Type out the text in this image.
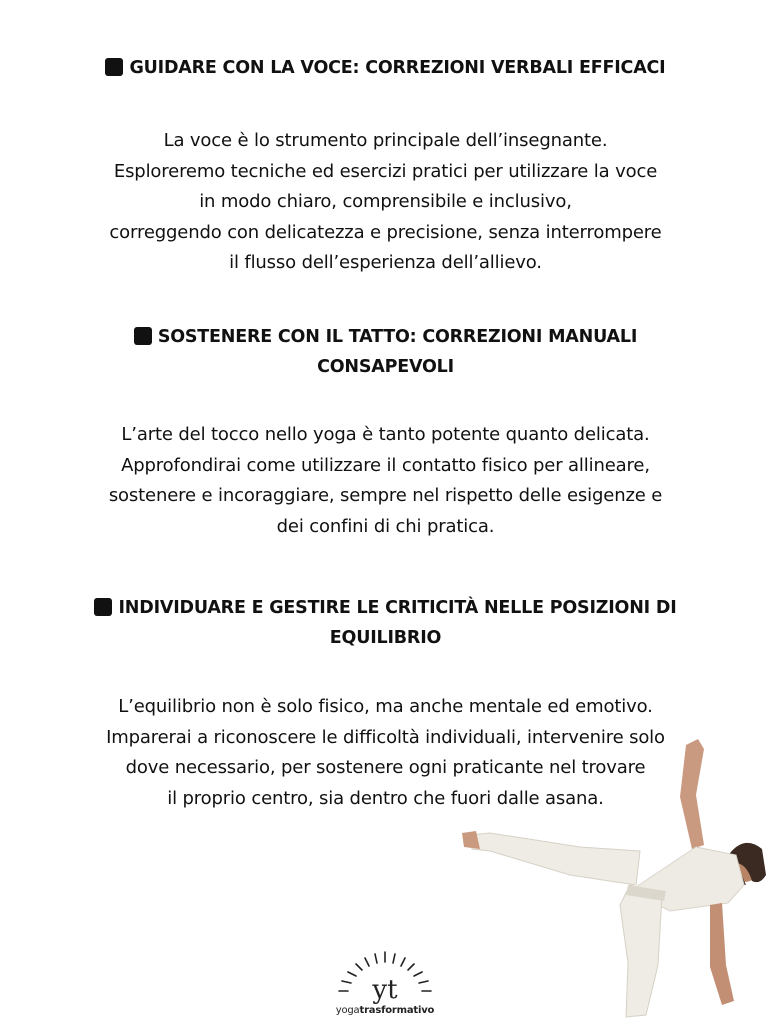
GUIDARE CON LA VOCE: CORREZIONI VERBALI EFFICACI
La voce è lo strumento principale dell’insegnante.
Esploreremo tecniche ed esercizi pratici per utilizzare la voce
in modo chiaro, comprensibile e inclusivo,
correggendo con delicatezza e precisione, senza interrompere
il flusso dell’esperienza dell’allievo.
SOSTENERE CON IL TATTO: CORREZIONI MANUALI
CONSAPEVOLI
L’arte del tocco nello yoga è tanto potente quanto delicata.
Approfondirai come utilizzare il contatto fisico per allineare,
sostenere e incoraggiare, sempre nel rispetto delle esigenze e
dei confini di chi pratica.
INDIVIDUARE E GESTIRE LE CRITICITÀ NELLE POSIZIONI DI
EQUILIBRIO
L’equilibrio non è solo fisico, ma anche mentale ed emotivo.
Imparerai a riconoscere le difficoltà individuali, intervenire solo
dove necessario, per sostenere ogni praticante nel trovare
il proprio centro, sia dentro che fuori dalle asana.
yt
yogatrasformativo
